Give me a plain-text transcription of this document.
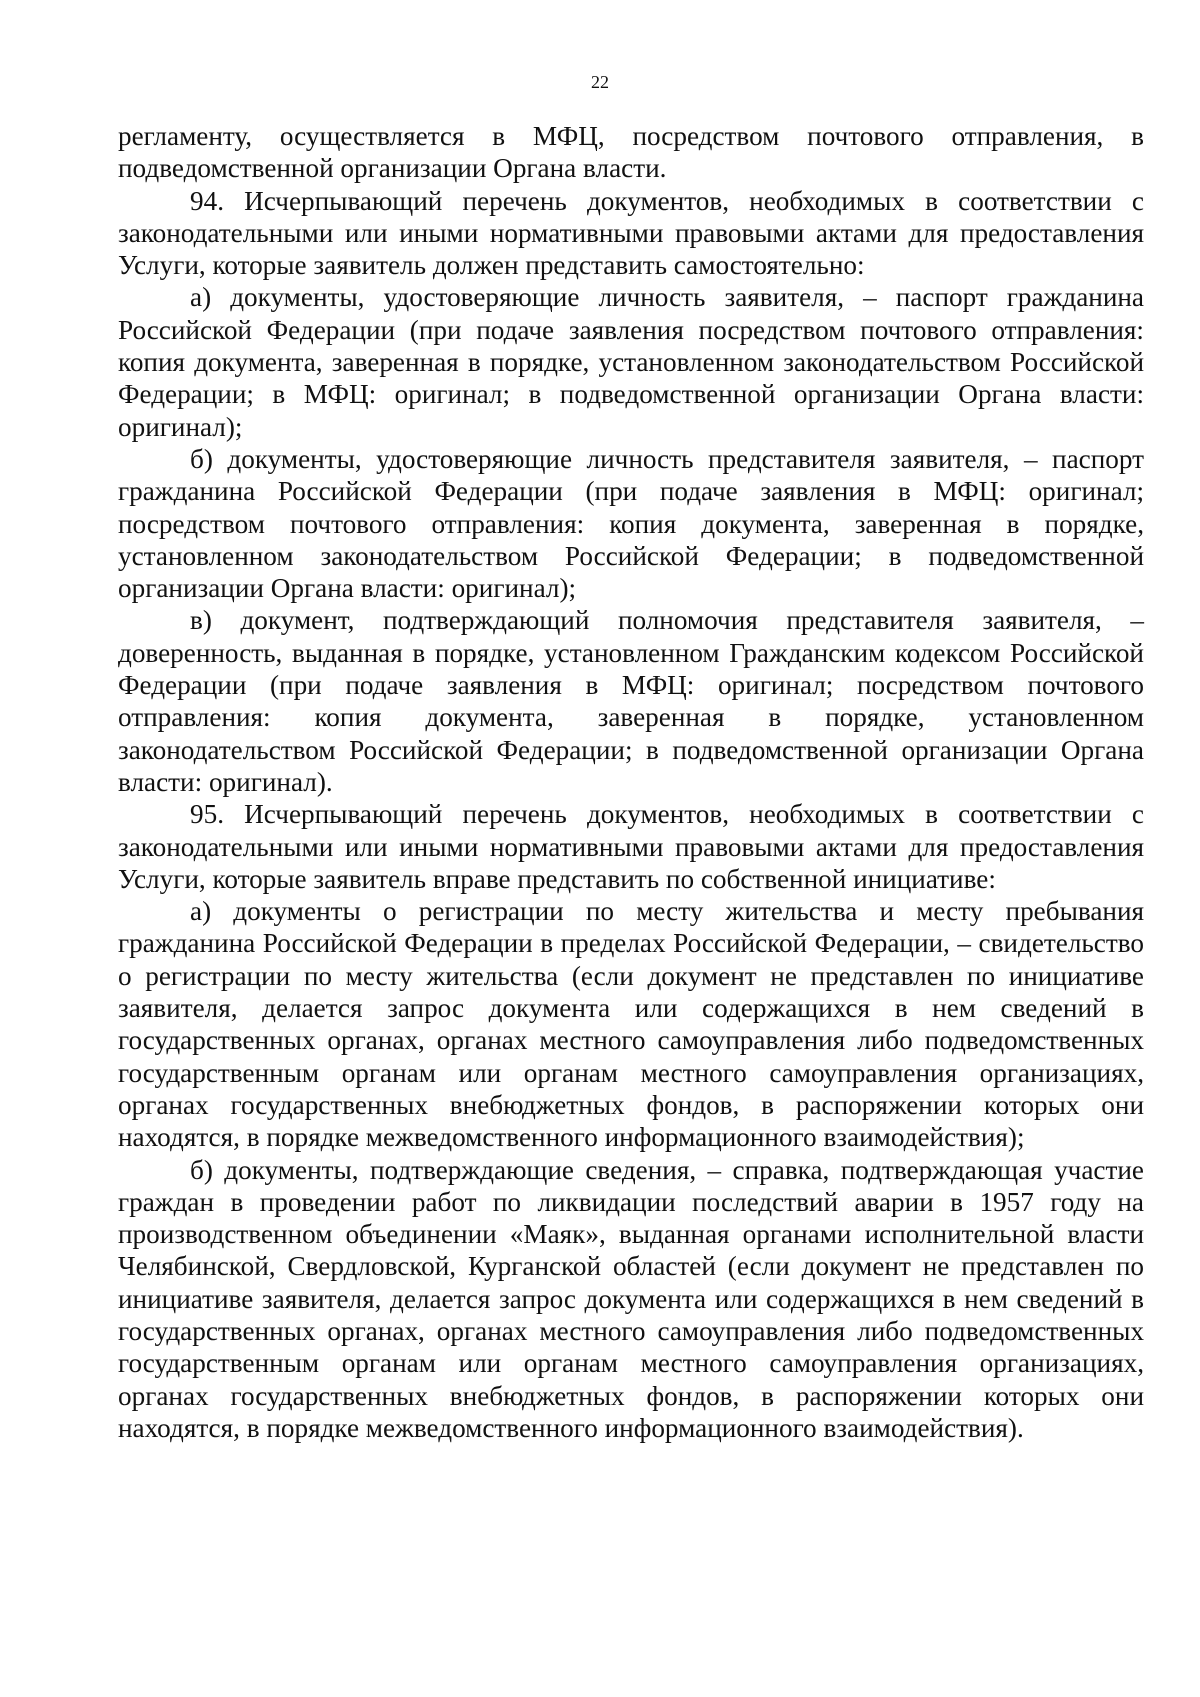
22

регламенту, осуществляется в МФЦ, посредством почтового отправления, в подведомственной организации Органа власти.

94. Исчерпывающий перечень документов, необходимых в соответствии с законодательными или иными нормативными правовыми актами для предоставления Услуги, которые заявитель должен представить самостоятельно:

а) документы, удостоверяющие личность заявителя, – паспорт гражданина Российской Федерации (при подаче заявления посредством почтового отправления: копия документа, заверенная в порядке, установленном законодательством Российской Федерации; в МФЦ: оригинал; в подведомственной организации Органа власти: оригинал);

б) документы, удостоверяющие личность представителя заявителя, – паспорт гражданина Российской Федерации (при подаче заявления в МФЦ: оригинал; посредством почтового отправления: копия документа, заверенная в порядке, установленном законодательством Российской Федерации; в подведомственной организации Органа власти: оригинал);

в) документ, подтверждающий полномочия представителя заявителя, – доверенность, выданная в порядке, установленном Гражданским кодексом Российской Федерации (при подаче заявления в МФЦ: оригинал; посредством почтового отправления: копия документа, заверенная в порядке, установленном законодательством Российской Федерации; в подведомственной организации Органа власти: оригинал).

95. Исчерпывающий перечень документов, необходимых в соответствии с законодательными или иными нормативными правовыми актами для предоставления Услуги, которые заявитель вправе представить по собственной инициативе:

а) документы о регистрации по месту жительства и месту пребывания гражданина Российской Федерации в пределах Российской Федерации, – свидетельство о регистрации по месту жительства (если документ не представлен по инициативе заявителя, делается запрос документа или содержащихся в нем сведений в государственных органах, органах местного самоуправления либо подведомственных государственным органам или органам местного самоуправления организациях, органах государственных внебюджетных фондов, в распоряжении которых они находятся, в порядке межведомственного информационного взаимодействия);

б) документы, подтверждающие сведения, – справка, подтверждающая участие граждан в проведении работ по ликвидации последствий аварии в 1957 году на производственном объединении «Маяк», выданная органами исполнительной власти Челябинской, Свердловской, Курганской областей (если документ не представлен по инициативе заявителя, делается запрос документа или содержащихся в нем сведений в государственных органах, органах местного самоуправления либо подведомственных государственным органам или органам местного самоуправления организациях, органах государственных внебюджетных фондов, в распоряжении которых они находятся, в порядке межведомственного информационного взаимодействия).
